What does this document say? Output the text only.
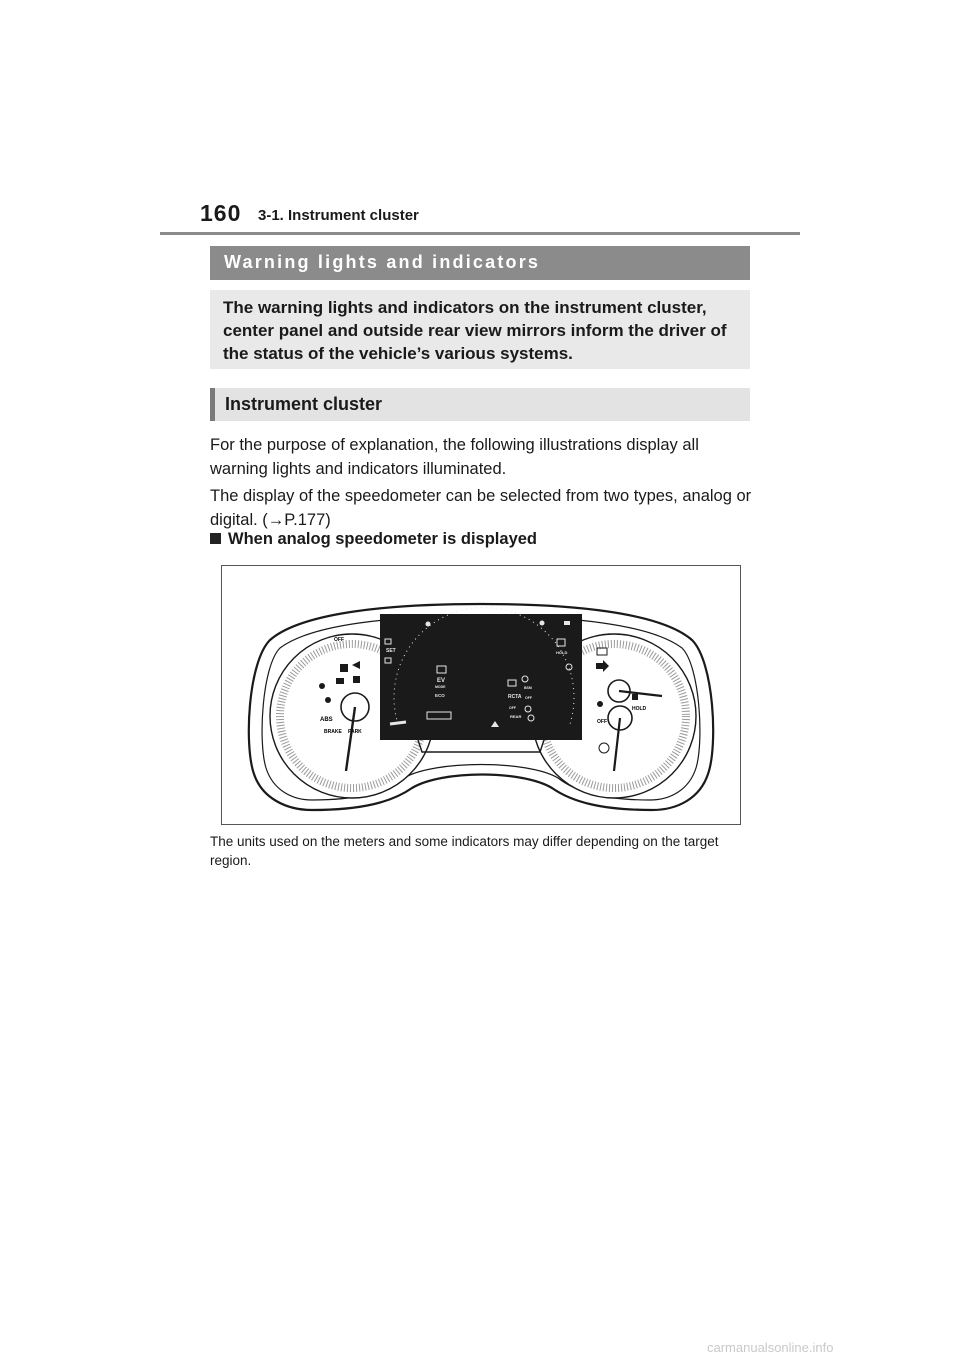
160 3-1. Instrument cluster
Warning lights and indicators

The warning lights and indicators on the instrument cluster, center panel and outside rear view mirrors inform the driver of the status of the vehicle’s various systems.

Instrument cluster

For the purpose of explanation, the following illustrations display all warning lights and indicators illuminated.

The display of the speedometer can be selected from two types, analog or digital. (→P.177)

When analog speedometer is displayed
OFF
ABS
BRAKE PARK
OFF
HOLD
HOLD
SET
EV
MODE
ECO
BSM
RCTA OFF
OFF
REAR

The units used on the meters and some indicators may differ depending on the target region.

carmanualsonline.info
